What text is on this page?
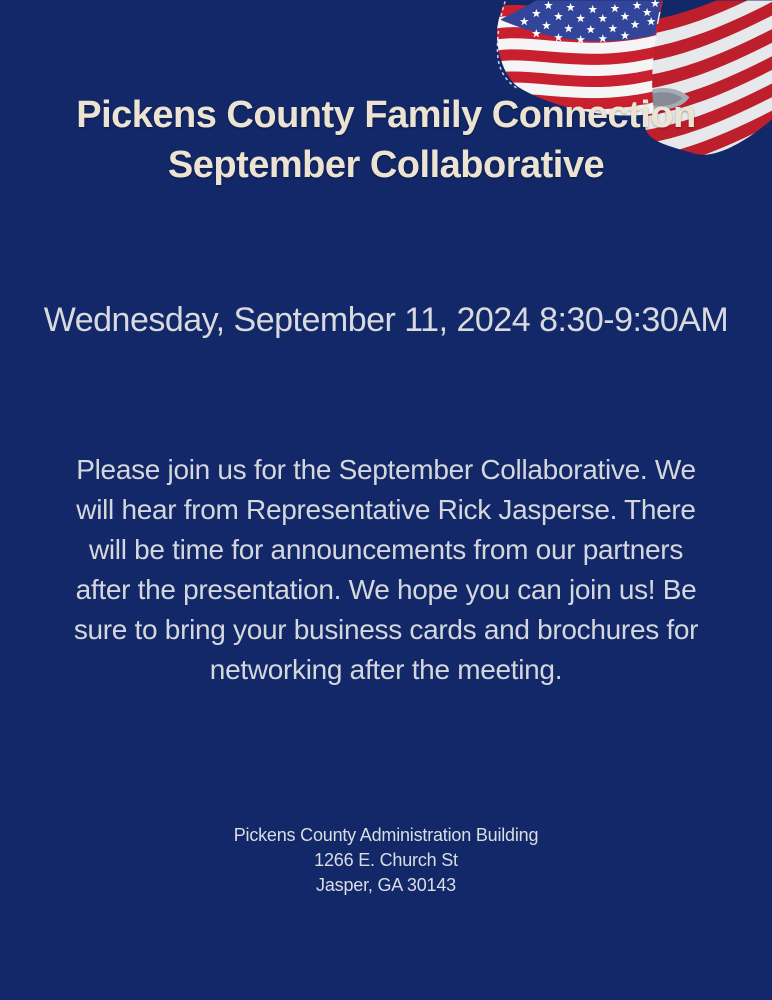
Pickens County Family Connection
September Collaborative
Wednesday, September 11, 2024 8:30-9:30AM
Please join us for the September Collaborative. We
will hear from Representative Rick Jasperse. There
will be time for announcements from our partners
after the presentation. We hope you can join us! Be
sure to bring your business cards and brochures for
networking after the meeting.
Pickens County Administration Building
1266 E. Church St
Jasper, GA 30143
